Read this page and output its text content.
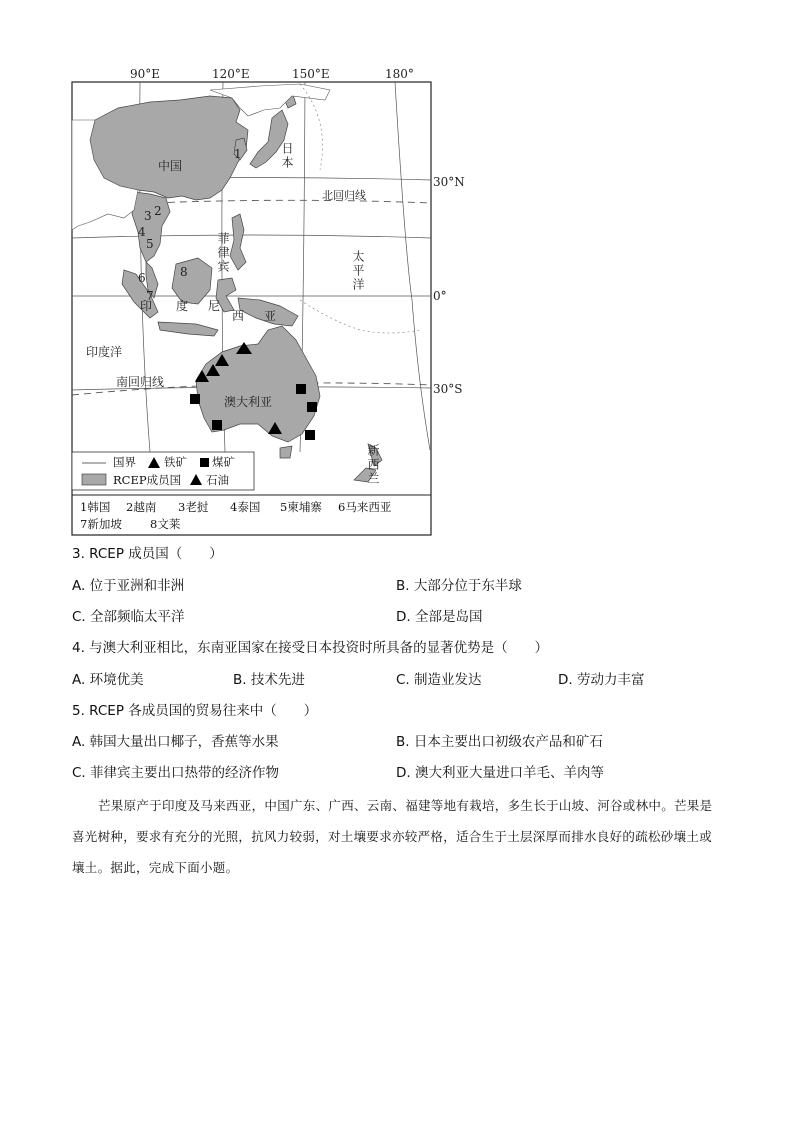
90°E	120°E	150°E	180°
30°N
0°
30°S
北回归线
南回归线
中国	日本
菲律宾
印 度 尼
西 亚
澳大利亚
新西兰
太平洋
印度洋
1
2
3
4
5
6
7
8
国界 铁矿 煤矿
RCEP成员国 石油
1韩国 2越南 3老挝 4泰国 5柬埔寨 6马来西亚
7新加坡 8文莱
3. RCEP 成员国（　　）
A. 位于亚洲和非洲	B. 大部分位于东半球
C. 全部频临太平洋	D. 全部是岛国
4. 与澳大利亚相比，东南亚国家在接受日本投资时所具备的显著优势是（　　）
A. 环境优美	B. 技术先进	C. 制造业发达	D. 劳动力丰富
5. RCEP 各成员国的贸易往来中（　　）
A. 韩国大量出口椰子，香蕉等水果	B. 日本主要出口初级农产品和矿石
C. 菲律宾主要出口热带的经济作物	D. 澳大利亚大量进口羊毛、羊肉等
芒果原产于印度及马来西亚，中国广东、广西、云南、福建等地有栽培，多生长于山坡、河谷或林中。芒果是喜光树种，要求有充分的光照，抗风力较弱，对土壤要求亦较严格，适合生于土层深厚而排水良好的疏松砂壤土或壤土。据此，完成下面小题。
